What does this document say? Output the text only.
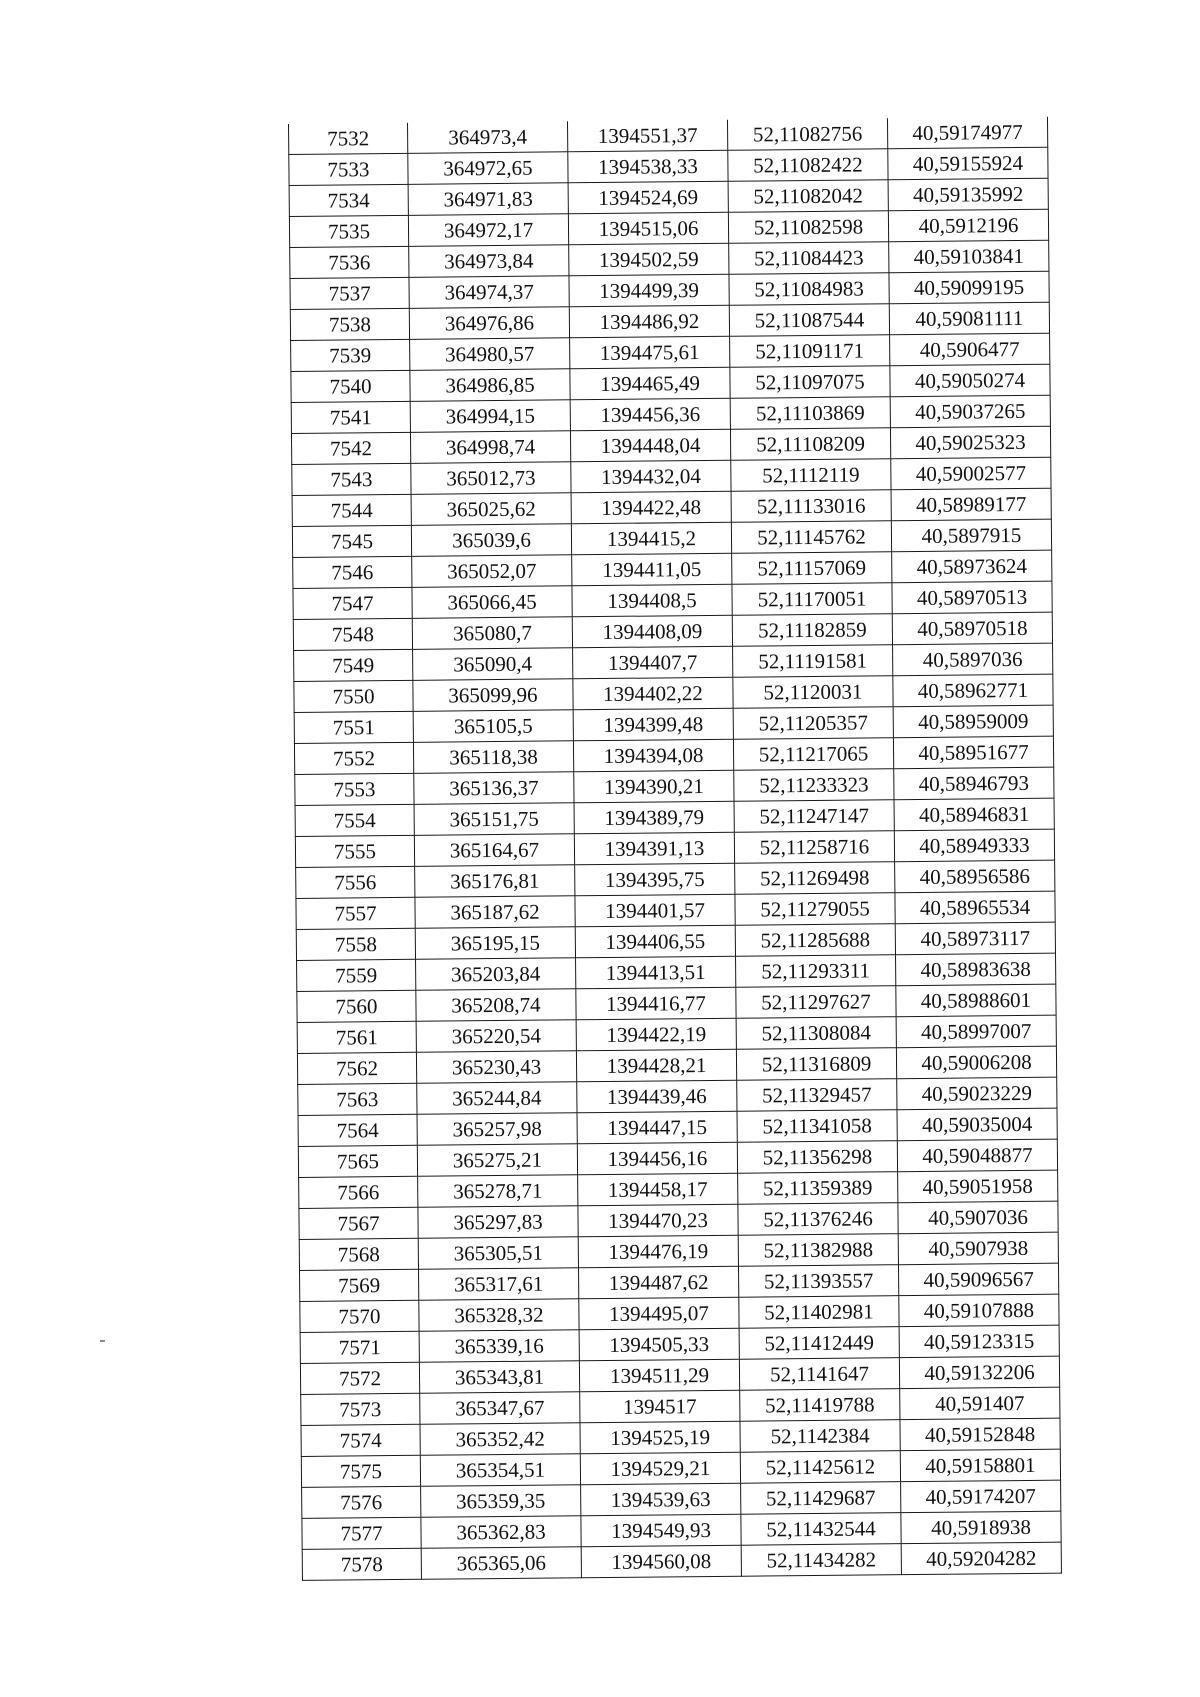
7532	364973,4	1394551,37	52,11082756	40,59174977
7533	364972,65	1394538,33	52,11082422	40,59155924
7534	364971,83	1394524,69	52,11082042	40,59135992
7535	364972,17	1394515,06	52,11082598	40,5912196
7536	364973,84	1394502,59	52,11084423	40,59103841
7537	364974,37	1394499,39	52,11084983	40,59099195
7538	364976,86	1394486,92	52,11087544	40,59081111
7539	364980,57	1394475,61	52,11091171	40,5906477
7540	364986,85	1394465,49	52,11097075	40,59050274
7541	364994,15	1394456,36	52,11103869	40,59037265
7542	364998,74	1394448,04	52,11108209	40,59025323
7543	365012,73	1394432,04	52,1112119	40,59002577
7544	365025,62	1394422,48	52,11133016	40,58989177
7545	365039,6	1394415,2	52,11145762	40,5897915
7546	365052,07	1394411,05	52,11157069	40,58973624
7547	365066,45	1394408,5	52,11170051	40,58970513
7548	365080,7	1394408,09	52,11182859	40,58970518
7549	365090,4	1394407,7	52,11191581	40,5897036
7550	365099,96	1394402,22	52,1120031	40,58962771
7551	365105,5	1394399,48	52,11205357	40,58959009
7552	365118,38	1394394,08	52,11217065	40,58951677
7553	365136,37	1394390,21	52,11233323	40,58946793
7554	365151,75	1394389,79	52,11247147	40,58946831
7555	365164,67	1394391,13	52,11258716	40,58949333
7556	365176,81	1394395,75	52,11269498	40,58956586
7557	365187,62	1394401,57	52,11279055	40,58965534
7558	365195,15	1394406,55	52,11285688	40,58973117
7559	365203,84	1394413,51	52,11293311	40,58983638
7560	365208,74	1394416,77	52,11297627	40,58988601
7561	365220,54	1394422,19	52,11308084	40,58997007
7562	365230,43	1394428,21	52,11316809	40,59006208
7563	365244,84	1394439,46	52,11329457	40,59023229
7564	365257,98	1394447,15	52,11341058	40,59035004
7565	365275,21	1394456,16	52,11356298	40,59048877
7566	365278,71	1394458,17	52,11359389	40,59051958
7567	365297,83	1394470,23	52,11376246	40,5907036
7568	365305,51	1394476,19	52,11382988	40,5907938
7569	365317,61	1394487,62	52,11393557	40,59096567
7570	365328,32	1394495,07	52,11402981	40,59107888
7571	365339,16	1394505,33	52,11412449	40,59123315
7572	365343,81	1394511,29	52,1141647	40,59132206
7573	365347,67	1394517	52,11419788	40,591407
7574	365352,42	1394525,19	52,1142384	40,59152848
7575	365354,51	1394529,21	52,11425612	40,59158801
7576	365359,35	1394539,63	52,11429687	40,59174207
7577	365362,83	1394549,93	52,11432544	40,5918938
7578	365365,06	1394560,08	52,11434282	40,59204282
